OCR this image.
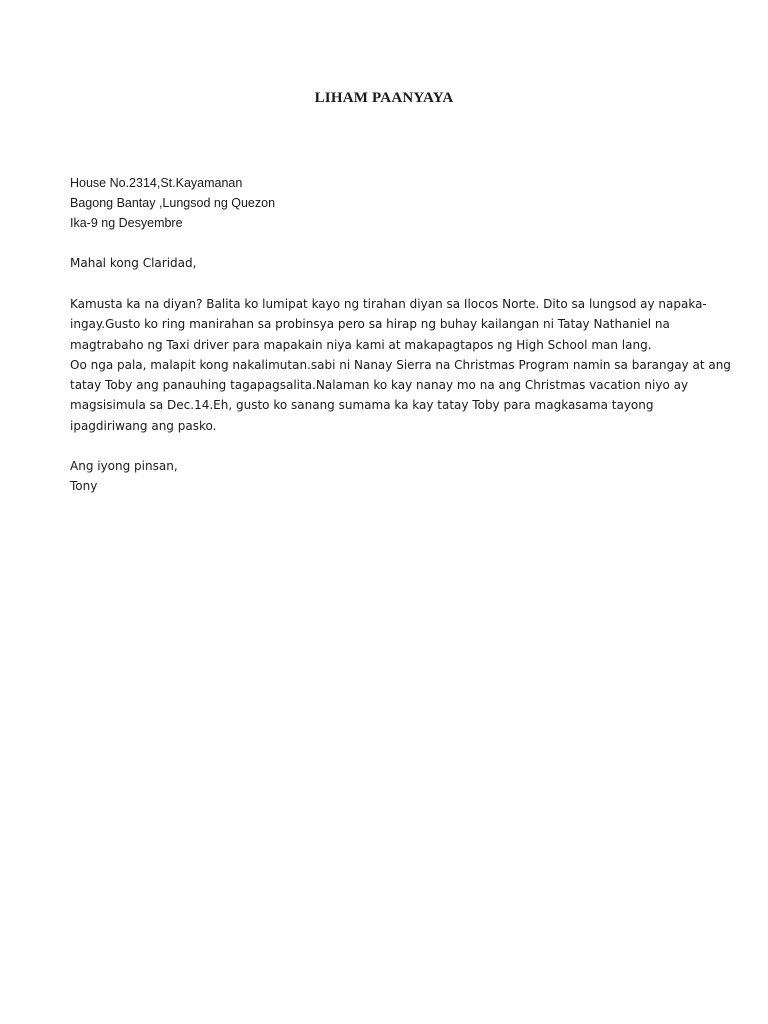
LIHAM PAANYAYA
House No.2314,St.Kayamanan
Bagong Bantay ,Lungsod ng Quezon
Ika-9 ng Desyembre
Mahal kong Claridad,
Kamusta ka na diyan? Balita ko lumipat kayo ng tirahan diyan sa Ilocos Norte. Dito sa lungsod ay napaka-
ingay.Gusto ko ring manirahan sa probinsya pero sa hirap ng buhay kailangan ni Tatay Nathaniel na
magtrabaho ng Taxi driver para mapakain niya kami at makapagtapos ng High School man lang.
Oo nga pala, malapit kong nakalimutan.sabi ni Nanay Sierra na Christmas Program namin sa barangay at ang
tatay Toby ang panauhing tagapagsalita.Nalaman ko kay nanay mo na ang Christmas vacation niyo ay
magsisimula sa Dec.14.Eh, gusto ko sanang sumama ka kay tatay Toby para magkasama tayong
ipagdiriwang ang pasko.
Ang iyong pinsan,
Tony
